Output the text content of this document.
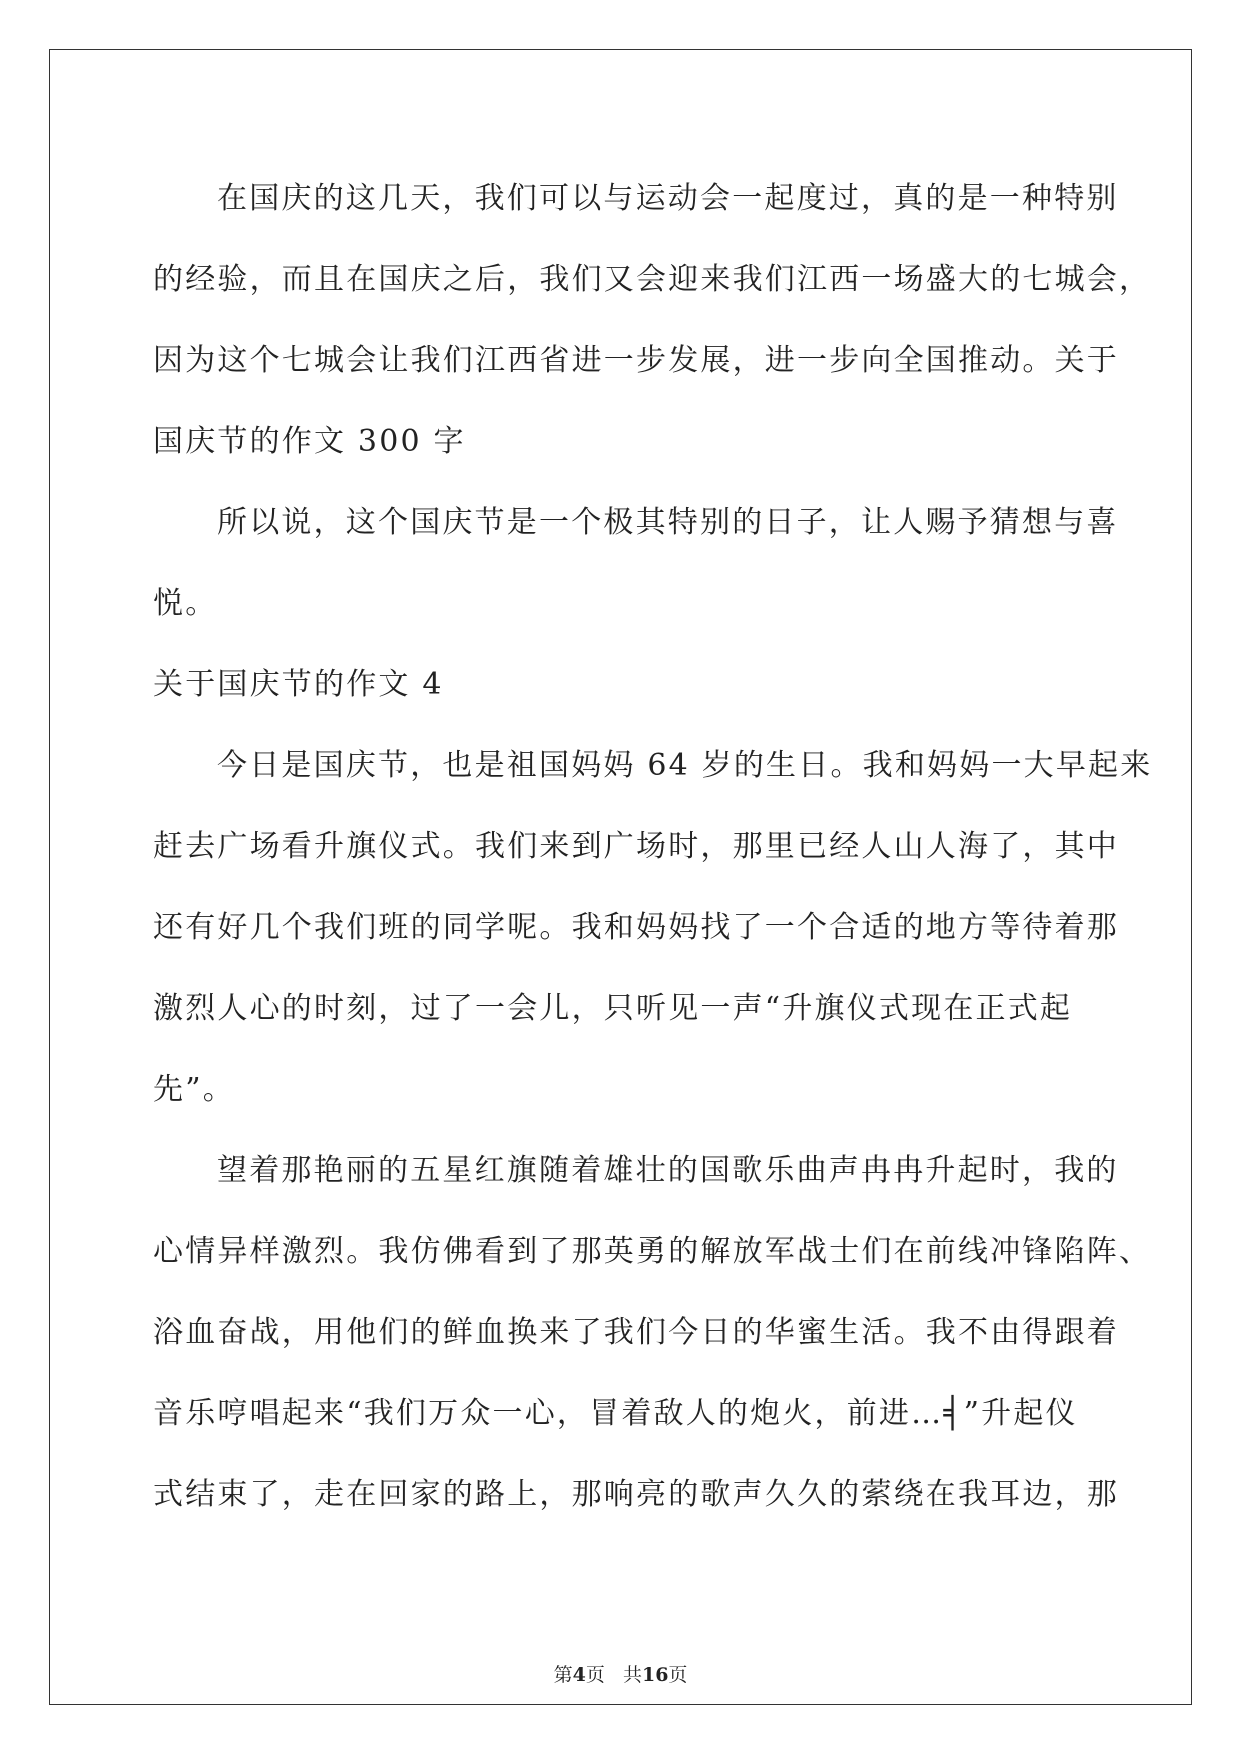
在国庆的这几天，我们可以与运动会一起度过，真的是一种特别
的经验，而且在国庆之后，我们又会迎来我们江西一场盛大的七城会，
因为这个七城会让我们江西省进一步发展，进一步向全国推动。关于
国庆节的作文 300 字
所以说，这个国庆节是一个极其特别的日子，让人赐予猜想与喜
悦。
关于国庆节的作文 4
今日是国庆节，也是祖国妈妈 64 岁的生日。我和妈妈一大早起来
赶去广场看升旗仪式。我们来到广场时，那里已经人山人海了，其中
还有好几个我们班的同学呢。我和妈妈找了一个合适的地方等待着那
激烈人心的时刻，过了一会儿，只听见一声“升旗仪式现在正式起
先”。
望着那艳丽的五星红旗随着雄壮的国歌乐曲声冉冉升起时，我的
心情异样激烈。我仿佛看到了那英勇的解放军战士们在前线冲锋陷阵、
浴血奋战，用他们的鲜血换来了我们今日的华蜜生活。我不由得跟着
音乐哼唱起来“我们万众一心，冒着敌人的炮火，前进…╡”升起仪
式结束了，走在回家的路上，那响亮的歌声久久的萦绕在我耳边，那
第4页 共16页
